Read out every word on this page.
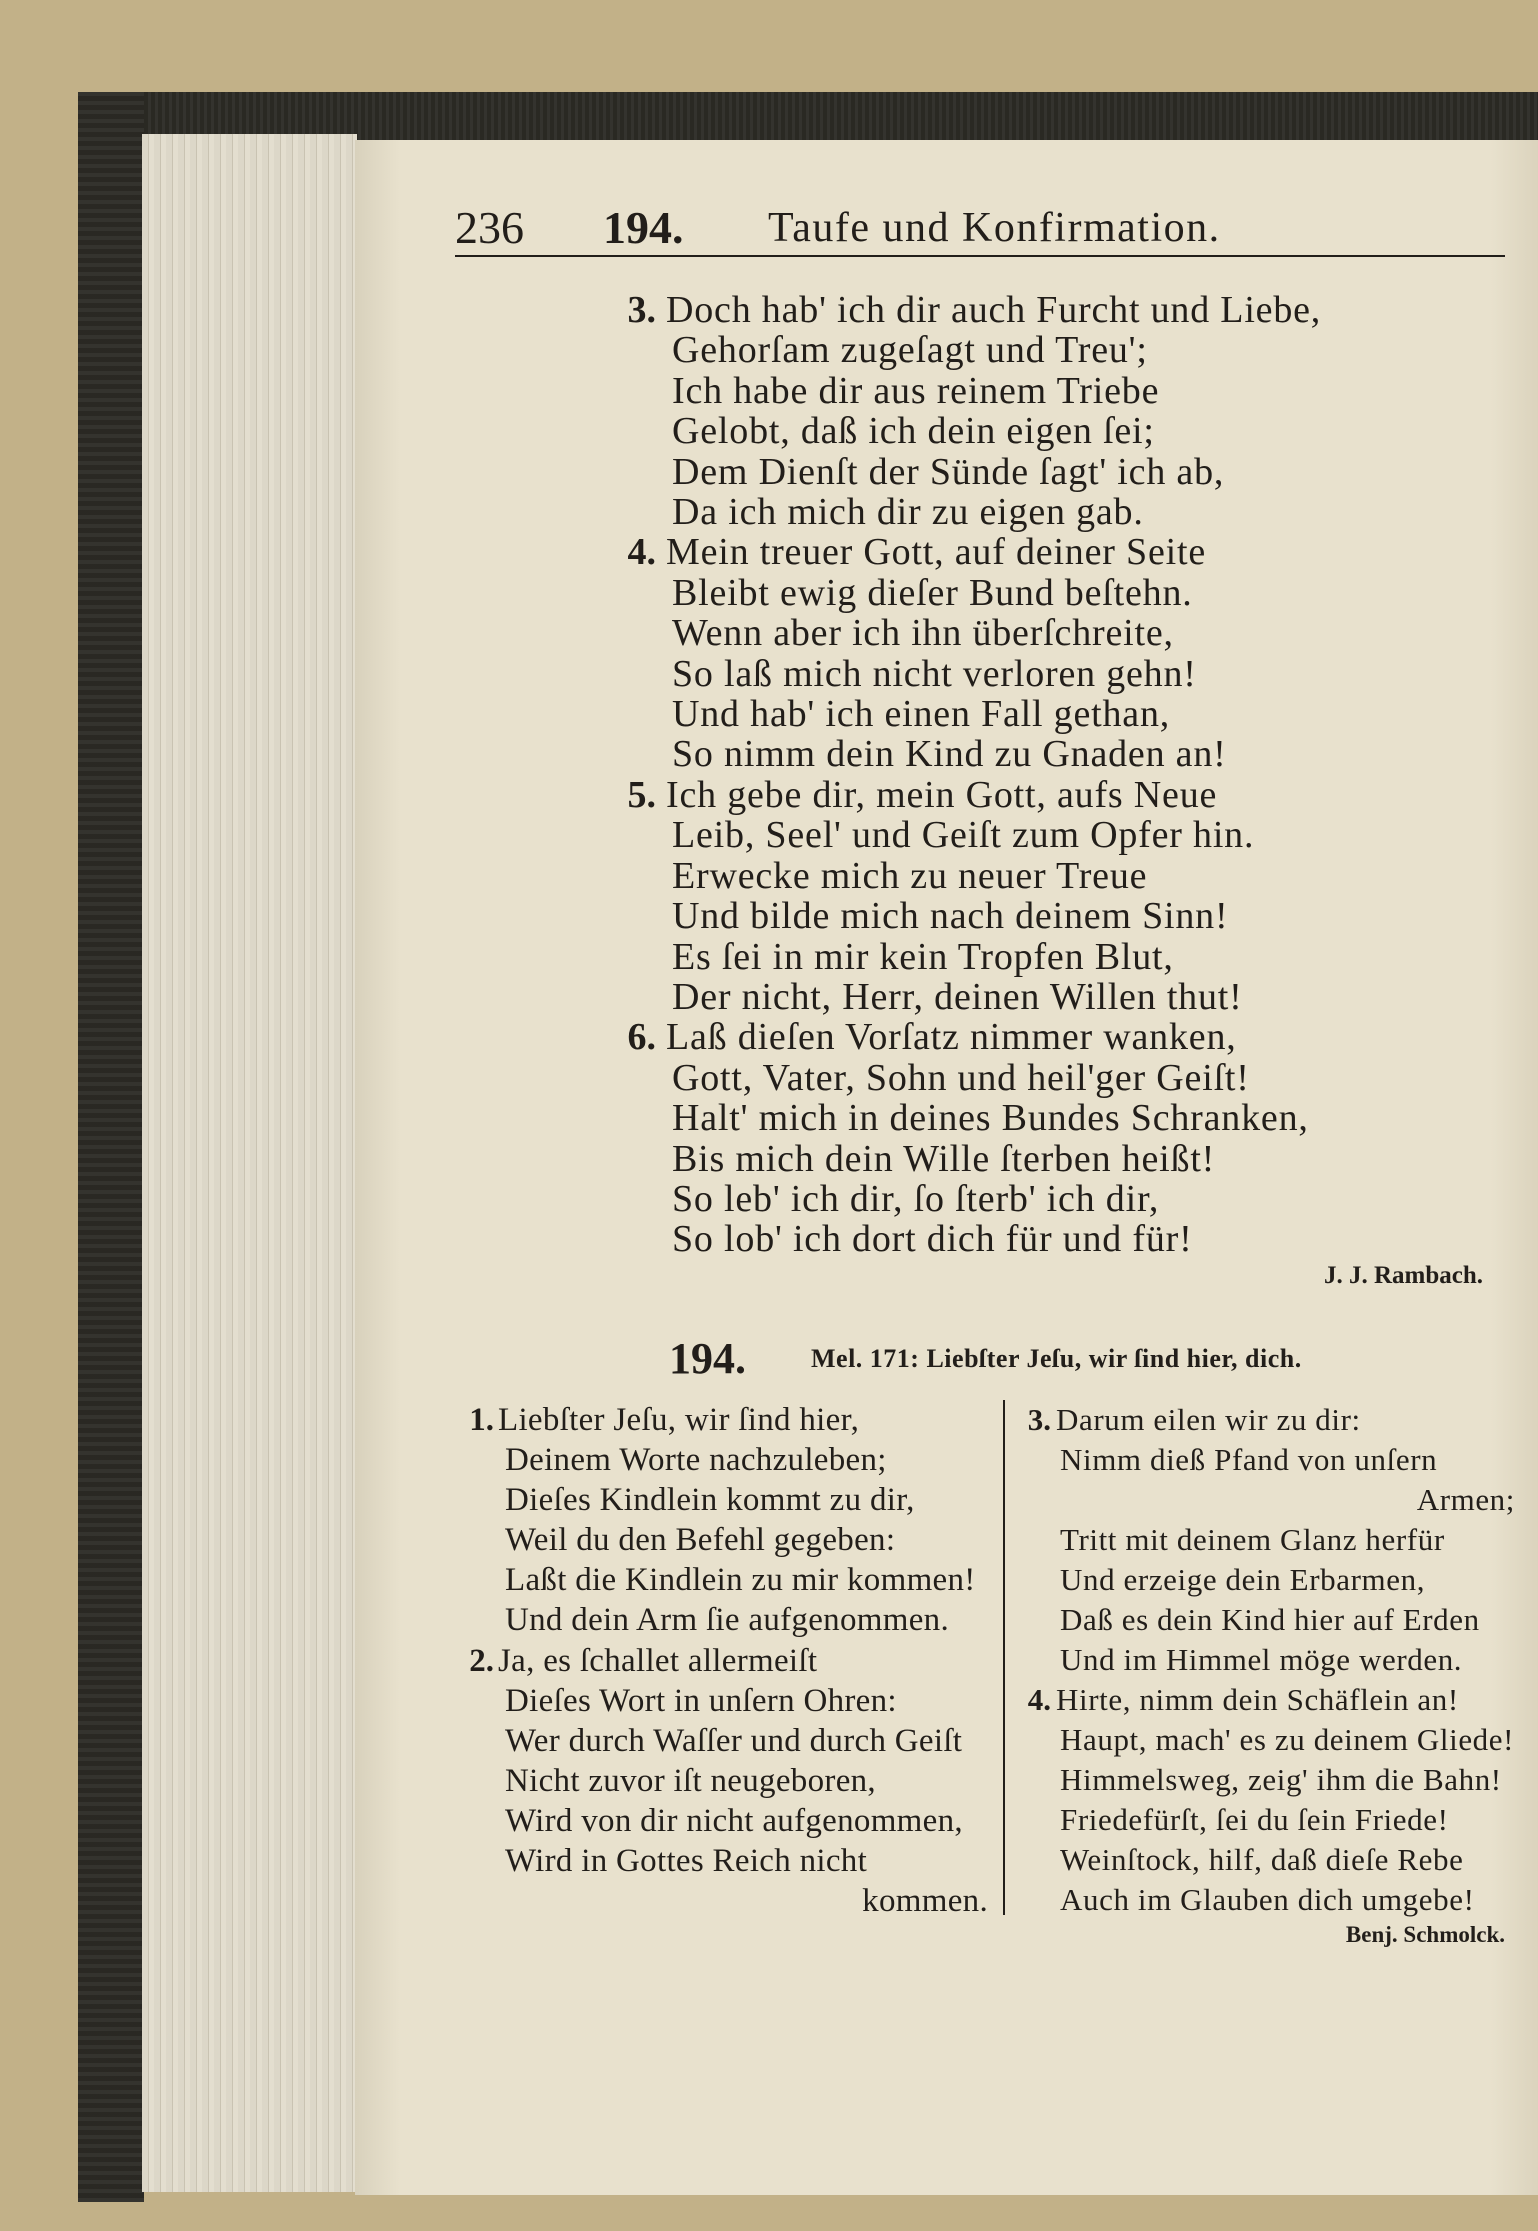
236 194. Taufe und Konfirmation.
3. Doch hab' ich dir auch Furcht und Liebe,
Gehorſam zugeſagt und Treu';
Ich habe dir aus reinem Triebe
Gelobt, daß ich dein eigen ſei;
Dem Dienſt der Sünde ſagt' ich ab,
Da ich mich dir zu eigen gab.
4. Mein treuer Gott, auf deiner Seite
Bleibt ewig dieſer Bund beſtehn.
Wenn aber ich ihn überſchreite,
So laß mich nicht verloren gehn!
Und hab' ich einen Fall gethan,
So nimm dein Kind zu Gnaden an!
5. Ich gebe dir, mein Gott, aufs Neue
Leib, Seel' und Geiſt zum Opfer hin.
Erwecke mich zu neuer Treue
Und bilde mich nach deinem Sinn!
Es ſei in mir kein Tropfen Blut,
Der nicht, Herr, deinen Willen thut!
6. Laß dieſen Vorſatz nimmer wanken,
Gott, Vater, Sohn und heil'ger Geiſt!
Halt' mich in deines Bundes Schranken,
Bis mich dein Wille ſterben heißt!
So leb' ich dir, ſo ſterb' ich dir,
So lob' ich dort dich für und für!
J. J. Rambach.
194.	Mel. 171: Liebſter Jeſu, wir ſind hier, dich.
1. Liebſter Jeſu, wir ſind hier,
Deinem Worte nachzuleben;
Dieſes Kindlein kommt zu dir,
Weil du den Befehl gegeben:
Laßt die Kindlein zu mir kommen!
Und dein Arm ſie aufgenommen.
2. Ja, es ſchallet allermeiſt
Dieſes Wort in unſern Ohren:
Wer durch Waſſer und durch Geiſt
Nicht zuvor iſt neugeboren,
Wird von dir nicht aufgenommen,
Wird in Gottes Reich nicht
kommen.
3. Darum eilen wir zu dir:
Nimm dieß Pfand von unſern
Armen;
Tritt mit deinem Glanz herfür
Und erzeige dein Erbarmen,
Daß es dein Kind hier auf Erden
Und im Himmel möge werden.
4. Hirte, nimm dein Schäflein an!
Haupt, mach' es zu deinem Gliede!
Himmelsweg, zeig' ihm die Bahn!
Friedefürſt, ſei du ſein Friede!
Weinſtock, hilf, daß dieſe Rebe
Auch im Glauben dich umgebe!
Benj. Schmolck.
